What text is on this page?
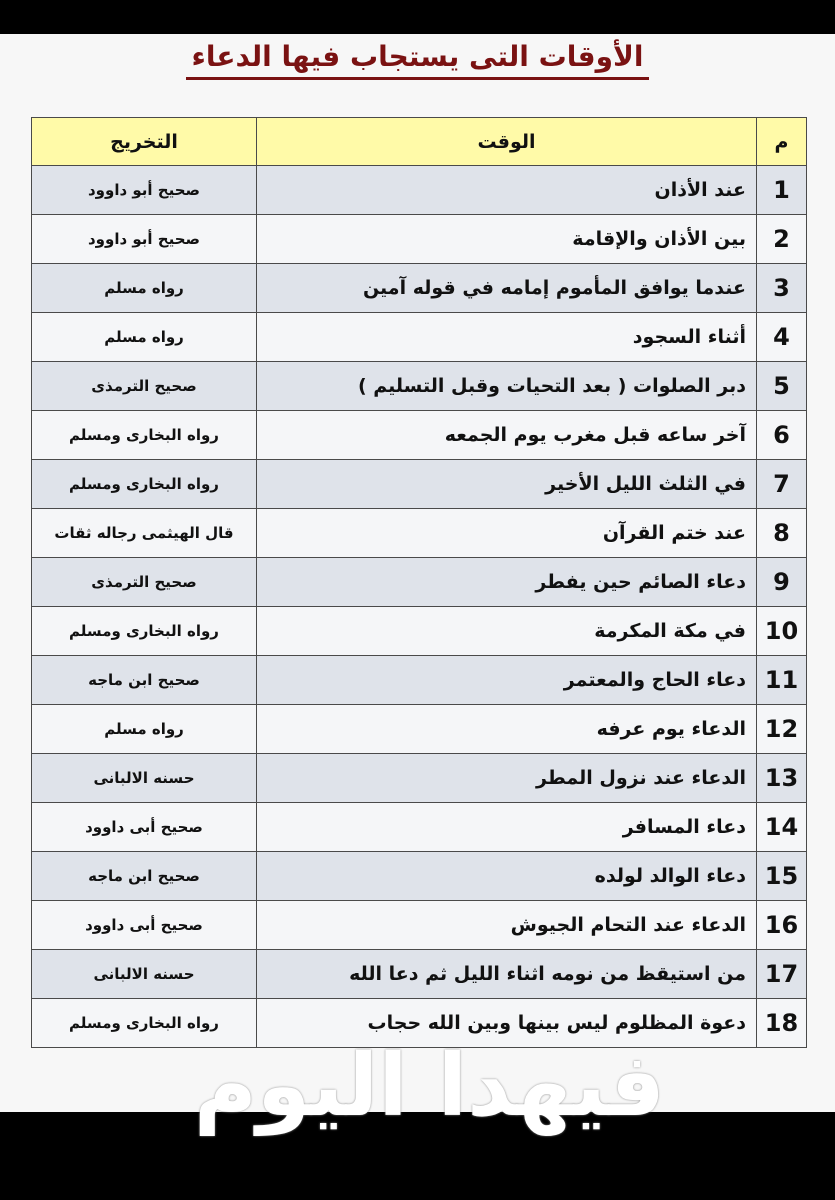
الأوقات التى يستجاب فيها الدعاء
م	الوقت	التخريج
1	عند الأذان	صحيح أبو داوود
2	بين الأذان والإقامة	صحيح أبو داوود
3	عندما يوافق المأموم إمامه في قوله آمين	رواه مسلم
4	أثناء السجود	رواه مسلم
5	دبر الصلوات ( بعد التحيات وقبل التسليم )	صحيح الترمذى
6	آخر ساعه قبل مغرب يوم الجمعه	رواه البخارى ومسلم
7	في الثلث الليل الأخير	رواه البخارى ومسلم
8	عند ختم القرآن	قال الهيثمى رجاله ثقات
9	دعاء الصائم حين يفطر	صحيح الترمذى
10	في مكة المكرمة	رواه البخارى ومسلم
11	دعاء الحاج والمعتمر	صحيح ابن ماجه
12	الدعاء يوم عرفه	رواه مسلم
13	الدعاء عند نزول المطر	حسنه الالبانى
14	دعاء المسافر	صحيح أبى داوود
15	دعاء الوالد لولده	صحيح ابن ماجه
16	الدعاء عند التحام الجيوش	صحيح أبى داوود
17	من استيقظ من نومه اثناء الليل ثم دعا الله	حسنه الالبانى
18	دعوة المظلوم ليس بينها وبين الله حجاب	رواه البخارى ومسلم
فيهدا اليوم
